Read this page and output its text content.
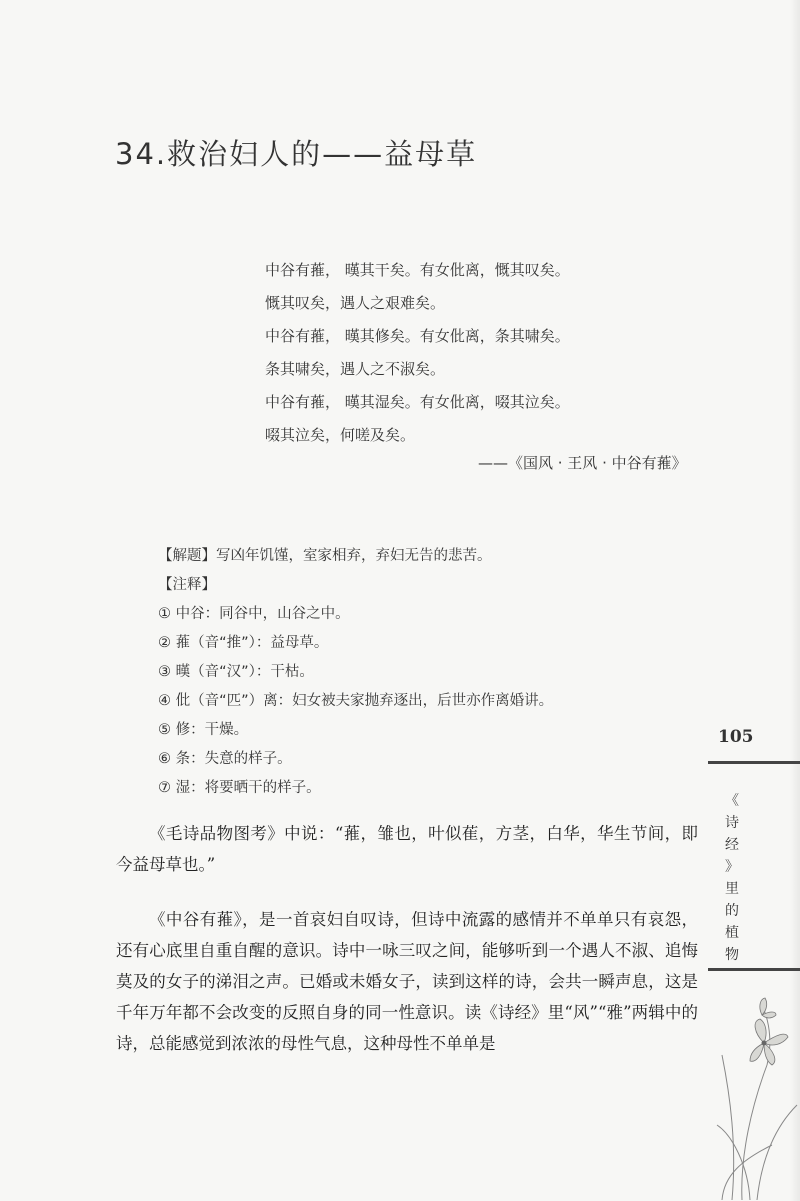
34.救治妇人的——益母草
中谷有蓷， 暵其干矣。有女仳离，慨其叹矣。
慨其叹矣，遇人之艰难矣。
中谷有蓷， 暵其修矣。有女仳离，条其啸矣。
条其啸矣，遇人之不淑矣。
中谷有蓷， 暵其湿矣。有女仳离，啜其泣矣。
啜其泣矣，何嗟及矣。
——《国风 · 王风 · 中谷有蓷》
【解题】写凶年饥馑，室家相弃，弃妇无告的悲苦。
【注释】
① 中谷：同谷中，山谷之中。
② 蓷（音“推”）：益母草。
③ 暵（音“汉”）：干枯。
④ 仳（音“匹”）离：妇女被夫家抛弃逐出，后世亦作离婚讲。
⑤ 修：干燥。
⑥ 条：失意的样子。
⑦ 湿：将要晒干的样子。

《毛诗品物图考》中说：“蓷，雏也，叶似萑，方茎，白华，华生节间，即今益母草也。”

《中谷有蓷》，是一首哀妇自叹诗，但诗中流露的感情并不单单只有哀怨，还有心底里自重自醒的意识。诗中一咏三叹之间，能够听到一个遇人不淑、追悔莫及的女子的涕泪之声。已婚或未婚女子，读到这样的诗，会共一瞬声息，这是千年万年都不会改变的反照自身的同一性意识。读《诗经》里“风”“雅”两辑中的诗，总能感觉到浓浓的母性气息，这种母性不单单是

105
《
诗
经
》
里
的
植
物
